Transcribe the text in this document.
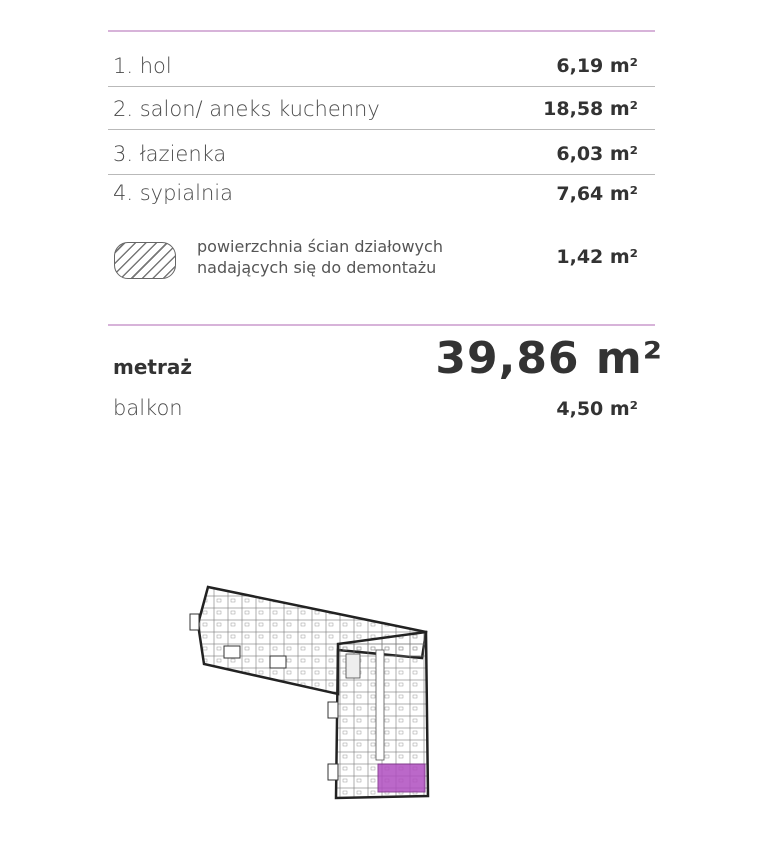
1. hol	6,19 m²
2. salon/ aneks kuchenny	18,58 m²
3. łazienka	6,03 m²
4. sypialnia	7,64 m²
powierzchnia ścian działowych
nadających się do demontażu	1,42 m²
metraż	39,86 m²
balkon	4,50 m²
